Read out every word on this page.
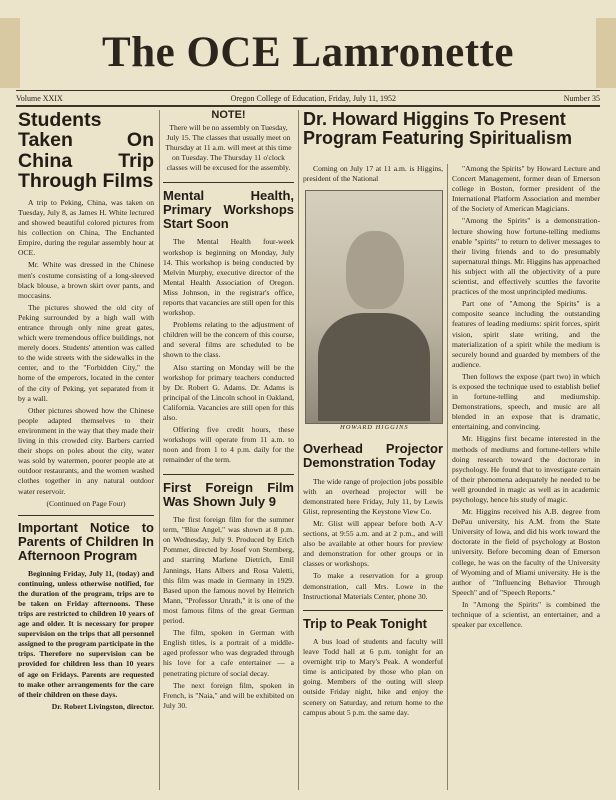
The OCE Lamronette
Volume XXIX	Oregon College of Education, Friday, July 11, 1952	Number 35
Students Taken On China Trip Through Films

A trip to Peking, China, was taken on Tuesday, July 8, as James H. White lectured and showed beautiful colored pictures from his collection on China, The Enchanted Empire, during the regular assembly hour at OCE.

Mr. White was dressed in the Chinese men's costume consisting of a long-sleeved black blouse, a brown skirt over pants, and moccasins.

The pictures showed the old city of Peking surrounded by a high wall with entrance through only nine great gates, which were tremendous office buildings, not merely doors. Students' attention was called to the wide streets with the sidewalks in the center, and to the "Forbidden City," the home of the emperors, located in the center of the city of Peking, yet separated from it by a wall.

Other pictures showed how the Chinese people adapted themselves to their environment in the way that they made their living in this crowded city. Barbers carried their shops on poles about the city, water was sold by watermen, poorer people ate at outdoor restaurants, and the women washed clothes together in any natural outdoor water reservoir.

(Continued on Page Four)
Important Notice to Parents of Children In Afternoon Program

Beginning Friday, July 11, (today) and continuing, unless otherwise notified, for the duration of the program, trips are to be taken on Friday afternoons. These trips are restricted to children 10 years of age and older. It is necessary for proper supervision on the trips that all personnel assigned to the program participate in the trips. Therefore no supervision can be provided for children less than 10 years of age on Fridays. Parents are requested to make other arrangements for the care of their children on these days.

Dr. Robert Livingston, director.
NOTE!
There will be no assembly on Tuesday, July 15. The classes that usually meet on Thursday at 11 a.m. will meet at this time on Tuesday. The Thursday 11 o'clock classes will be excused for the assembly.
Mental Health, Primary Workshops Start Soon

The Mental Health four-week workshop is beginning on Monday, July 14. This workshop is being conducted by Melvin Murphy, executive director of the Mental Health Association of Oregon. Miss Johnson, in the registrar's office, reports that vacancies are still open for this workshop.

Problems relating to the adjustment of children will be the concern of this course, and several films are scheduled to be shown to the class.

Also starting on Monday will be the workshop for primary teachers conducted by Dr. Robert G. Adams. Dr. Adams is principal of the Lincoln school in Oakland, California. Vacancies are still open for this also.

Offering five credit hours, these workshops will operate from 11 a.m. to noon and from 1 to 4 p.m. daily for the remainder of the term.

First Foreign Film Was Shown July 9

The first foreign film for the summer term, "Blue Angel," was shown at 8 p.m. on Wednesday, July 9. Produced by Erich Pommer, directed by Josef von Sternberg, and starring Marlene Dietrich, Emil Jannings, Hans Albers and Rosa Valetti, this film was made in Germany in 1929. Based upon the famous novel by Heinrich Mann, "Professor Unrath," it is one of the most famous films of the great German period.

The film, spoken in German with English titles, is a portrait of a middle-aged professor who was degraded through his love for a cafe entertainer — a penetrating picture of social decay.

The next foreign film, spoken in French, is "Naia," and will be exhibited on July 30.

Dr. Howard Higgins To Present Program Featuring Spiritualism

Coming on July 17 at 11 a.m. is Higgins, president of the National

HOWARD HIGGINS
Overhead Projector Demonstration Today

The wide range of projection jobs possible with an overhead projector will be demonstrated here Friday, July 11, by Lewis Glist, representing the Keystone View Co.

Mr. Glist will appear before both A-V sections, at 9:55 a.m. and at 2 p.m., and will also be available at other hours for preview and demonstration for other groups or in classes or workshops.

To make a reservation for a group demonstration, call Mrs. Lowe in the Instructional Materials Center, phone 30.

Trip to Peak Tonight

A bus load of students and faculty will leave Todd hall at 6 p.m. tonight for an overnight trip to Mary's Peak. A wonderful time is anticipated by those who plan on going. Members of the outing will sleep outside Friday night, hike and enjoy the scenery on Saturday, and return home to the campus about 5 p.m. the same day.

"Among the Spirits" by Howard Lecture and Concert Management, former dean of Emerson college in Boston, former president of the International Platform Association and member of the Society of American Magicians.

"Among the Spirits" is a demonstration-lecture showing how fortune-telling mediums enable "spirits" to return to deliver messages to their living friends and to do presumably supernatural things. Mr. Higgins has approached his subject with all the objectivity of a pure scientist, and effectively scuttles the favorite practices of the most unprincipled mediums.

Part one of "Among the Spirits" is a composite seance including the outstanding features of leading mediums: spirit forces, spirit vision, spirit slate writing, and the materialization of a spirit while the medium is securely bound and guarded by members of the audience.

Then follows the expose (part two) in which is exposed the technique used to establish belief in fortune-telling and mediumship. Demonstrations, speech, and music are all blended in an expose that is dramatic, entertaining, and convincing.

Mr. Higgins first became interested in the methods of mediums and fortune-tellers while doing research toward the doctorate in psychology. He found that to investigate certain of their phenomena adequately he needed to be well grounded in magic as well as in academic psychology, hence his study of magic.

Mr. Higgins received his A.B. degree from DePau university, his A.M. from the State University of Iowa, and did his work toward the doctorate in the field of psychology at Boston university. Before becoming dean of Emerson college, he was on the faculty of the University of Wyoming and of Miami university. He is the author of "Influencing Behavior Through Speech" and of "Speech Reports."

In "Among the Spirits" is combined the technique of a scientist, an entertainer, and a speaker par excellence.
